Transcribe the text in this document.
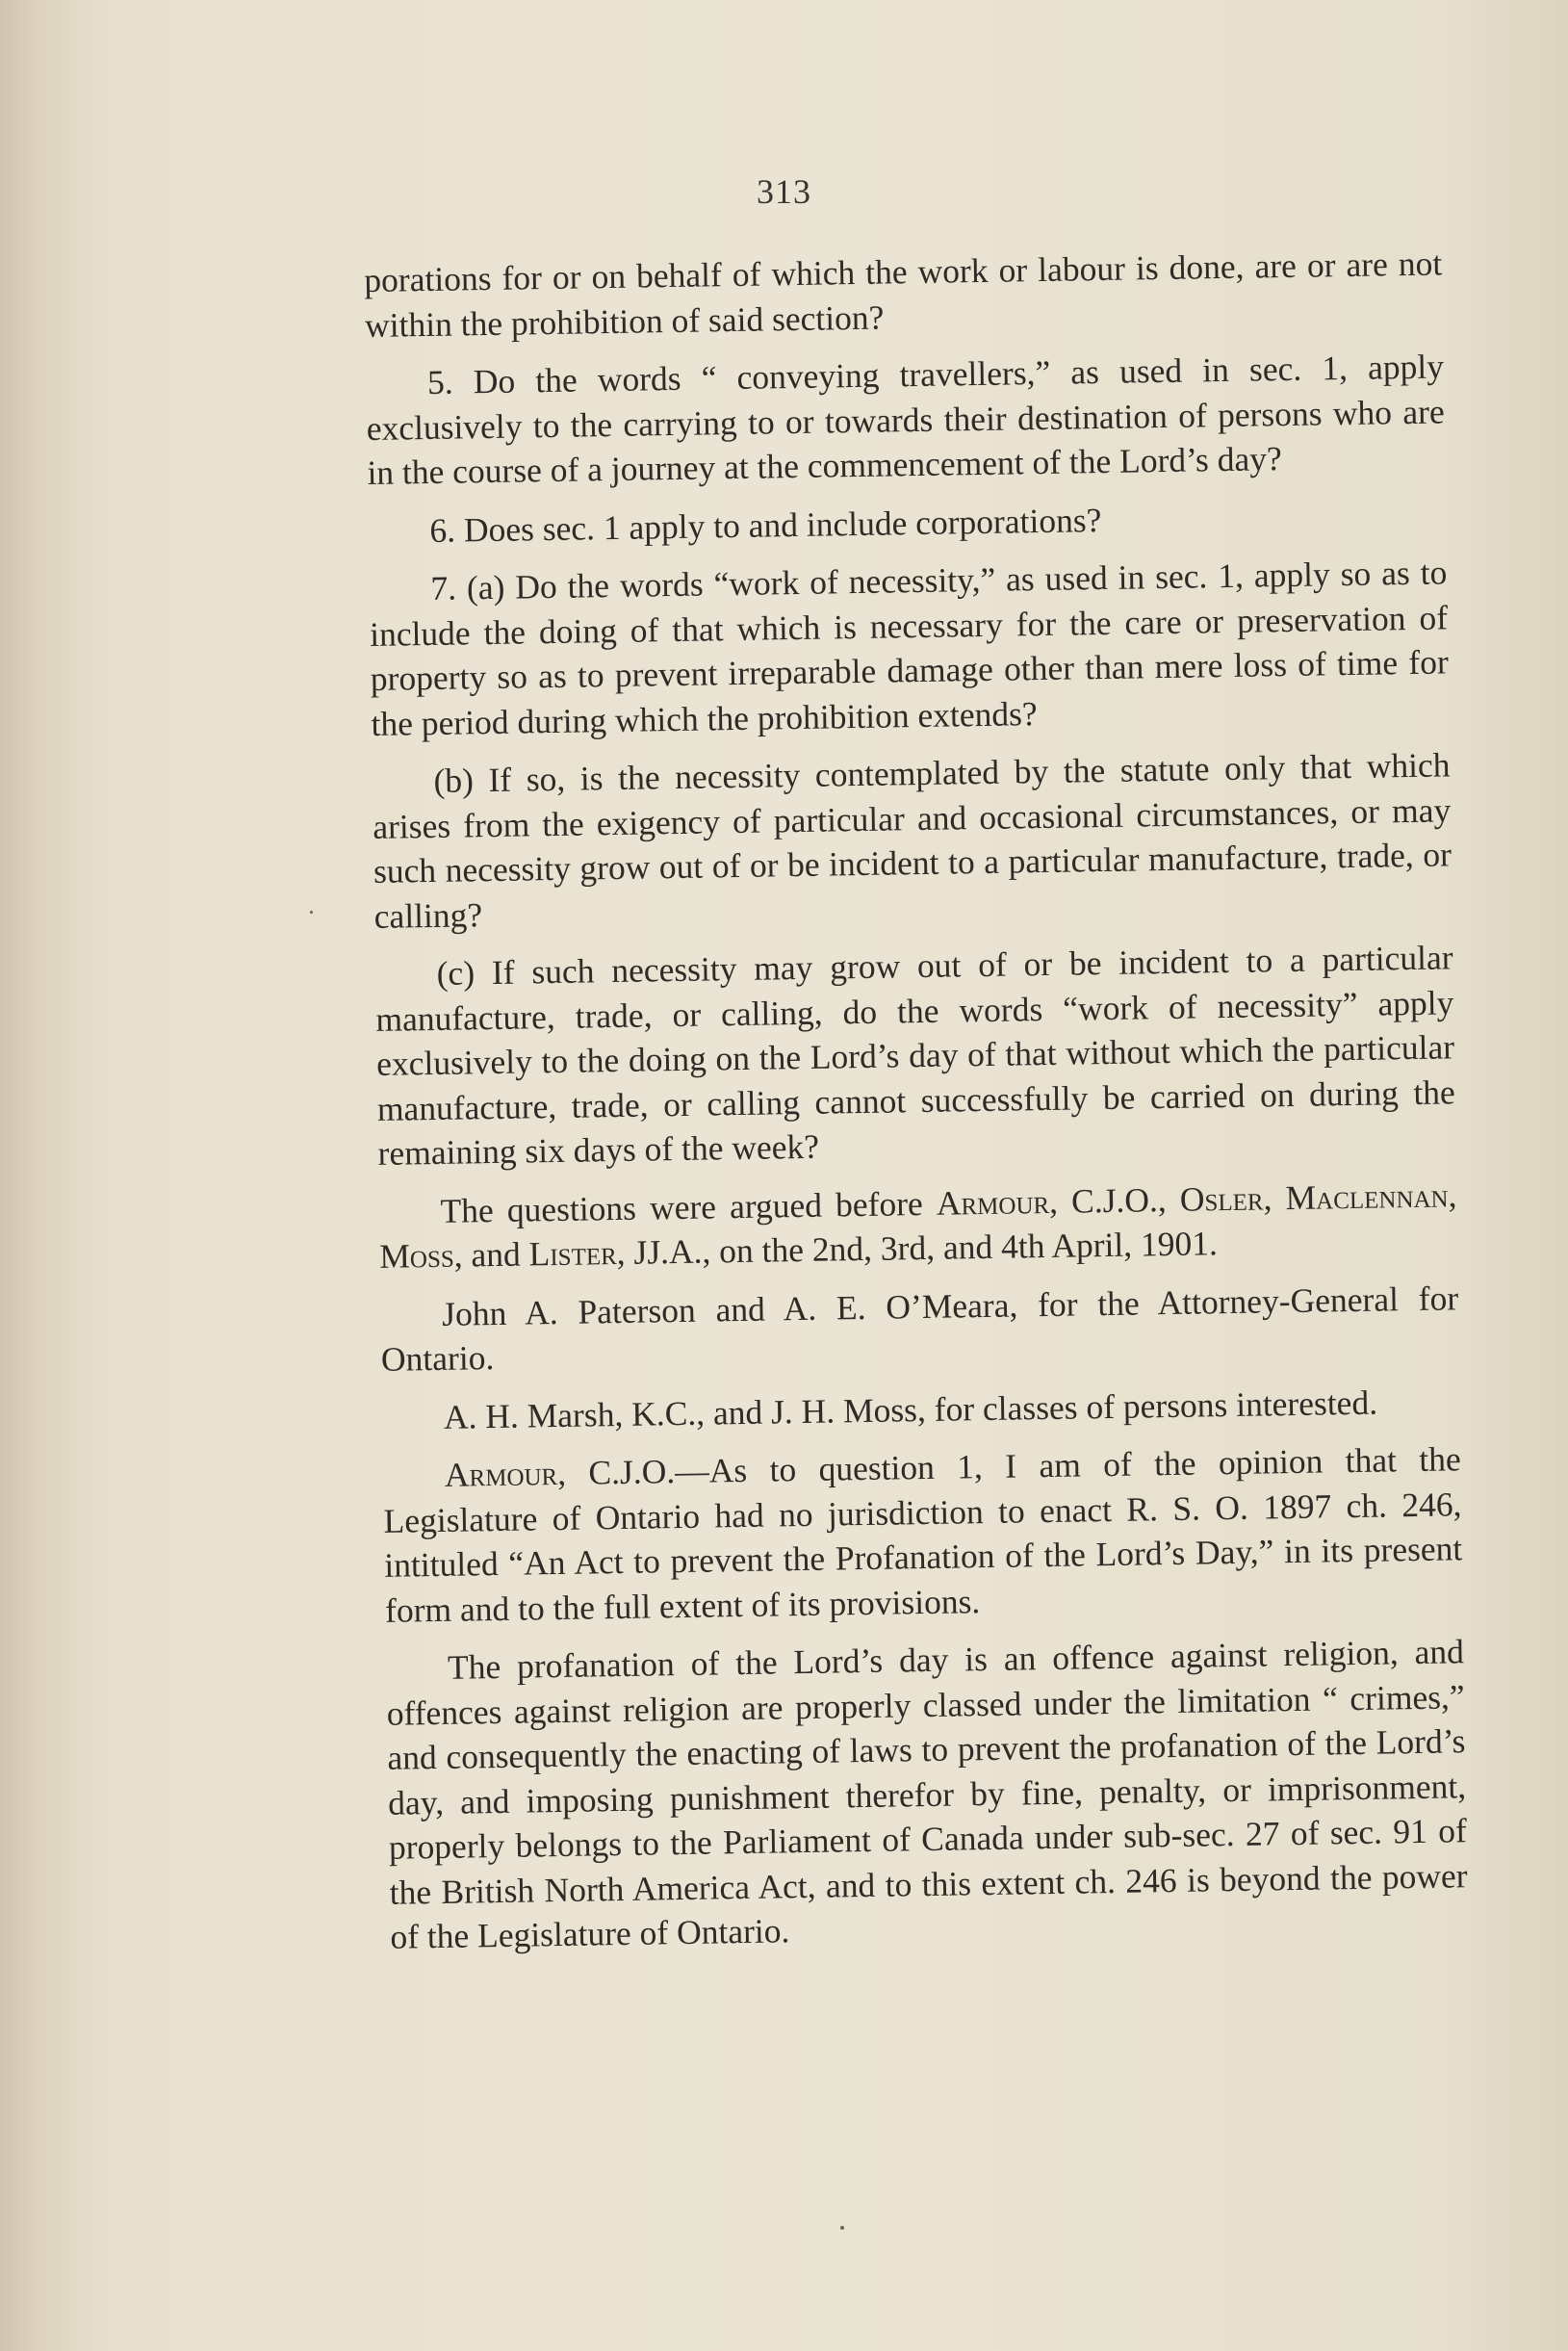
313

porations for or on behalf of which the work or labour is done, are or are not within the prohibition of said section?

5. Do the words “ conveying travellers,” as used in sec. 1, apply exclusively to the carrying to or towards their destination of persons who are in the course of a journey at the commencement of the Lord’s day?

6. Does sec. 1 apply to and include corporations?

7. (a) Do the words “work of necessity,” as used in sec. 1, apply so as to include the doing of that which is necessary for the care or preservation of property so as to prevent irreparable damage other than mere loss of time for the period during which the prohibition extends?

(b) If so, is the necessity contemplated by the statute only that which arises from the exigency of particular and occasional circumstances, or may such necessity grow out of or be incident to a particular manufacture, trade, or calling?

(c) If such necessity may grow out of or be incident to a particular manufacture, trade, or calling, do the words “work of necessity” apply exclusively to the doing on the Lord’s day of that without which the particular manufacture, trade, or calling cannot successfully be carried on during the remaining six days of the week?

The questions were argued before Armour, C.J.O., Osler, Maclennan, Moss, and Lister, JJ.A., on the 2nd, 3rd, and 4th April, 1901.

John A. Paterson and A. E. O’Meara, for the Attorney-General for Ontario.

A. H. Marsh, K.C., and J. H. Moss, for classes of persons interested.

Armour, C.J.O.—As to question 1, I am of the opinion that the Legislature of Ontario had no jurisdiction to enact R. S. O. 1897 ch. 246, intituled “An Act to prevent the Profanation of the Lord’s Day,” in its present form and to the full extent of its provisions.

The profanation of the Lord’s day is an offence against religion, and offences against religion are properly classed under the limitation “ crimes,” and consequently the enacting of laws to prevent the profanation of the Lord’s day, and imposing punishment therefor by fine, penalty, or imprisonment, properly belongs to the Parliament of Canada under sub-sec. 27 of sec. 91 of the British North America Act, and to this extent ch. 246 is beyond the power of the Legislature of Ontario.
